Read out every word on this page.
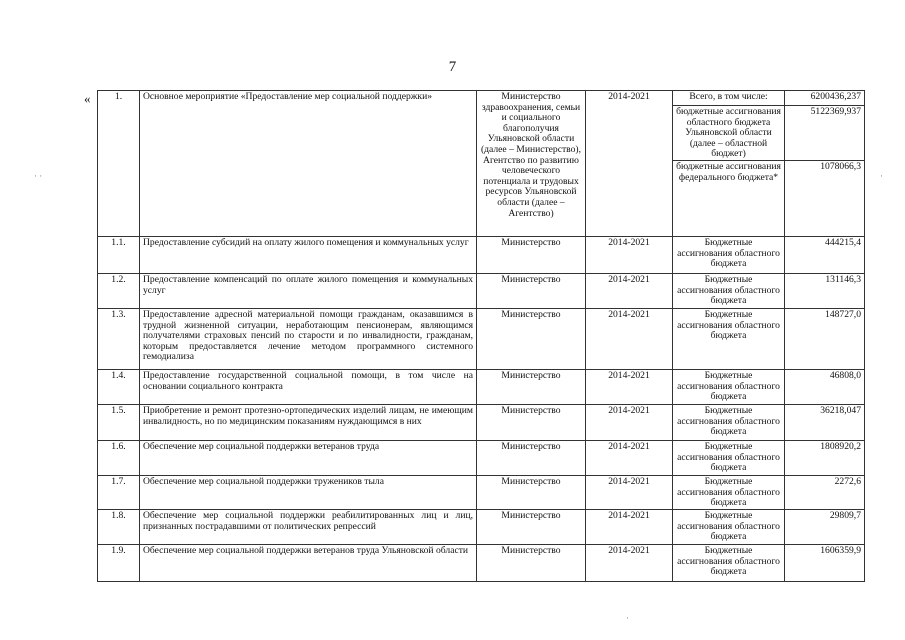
7
«
· ·	·
·
1.	Основное мероприятие «Предоставление мер социальной поддержки»	Министерство здравоохранения, семьи и социального благополучия Ульяновской области (далее – Министерство), Агентство по развитию человеческого потенциала и трудовых ресурсов Ульяновской области (далее – Агентство)	2014-2021	Всего, в том числе:	6200436,237
				бюджетные ассигнования областного бюджета Ульяновской области (далее – областной бюджет)	5122369,937
				бюджетные ассигнования федерального бюджета*	1078066,3
1.1.	Предоставление субсидий на оплату жилого помещения и коммунальных услуг	Министерство	2014-2021	Бюджетные ассигнования областного бюджета	444215,4
1.2.	Предоставление компенсаций по оплате жилого помещения и коммунальных услуг	Министерство	2014-2021	Бюджетные ассигнования областного бюджета	131146,3
1.3.	Предоставление адресной материальной помощи гражданам, оказавшимся в трудной жизненной ситуации, неработающим пенсионерам, являющимся получателями страховых пенсий по старости и по инвалидности, гражданам, которым предоставляется лечение методом программного системного гемодиализа	Министерство	2014-2021	Бюджетные ассигнования областного бюджета	148727,0
1.4.	Предоставление государственной социальной помощи, в том числе на основании социального контракта	Министерство	2014-2021	Бюджетные ассигнования областного бюджета	46808,0
1.5.	Приобретение и ремонт протезно-ортопедических изделий лицам, не имеющим инвалидность, но по медицинским показаниям нуждающимся в них	Министерство	2014-2021	Бюджетные ассигнования областного бюджета	36218,047
1.6.	Обеспечение мер социальной поддержки ветеранов труда	Министерство	2014-2021	Бюджетные ассигнования областного бюджета	1808920,2
1.7.	Обеспечение мер социальной поддержки тружеников тыла	Министерство	2014-2021	Бюджетные ассигнования областного бюджета	2272,6
1.8.	Обеспечение мер социальной поддержки реабилитированных лиц и лиц, признанных пострадавшими от политических репрессий	Министерство	2014-2021	Бюджетные ассигнования областного бюджета	29809,7
1.9.	Обеспечение мер социальной поддержки ветеранов труда Ульяновской области	Министерство	2014-2021	Бюджетные ассигнования областного бюджета	1606359,9
